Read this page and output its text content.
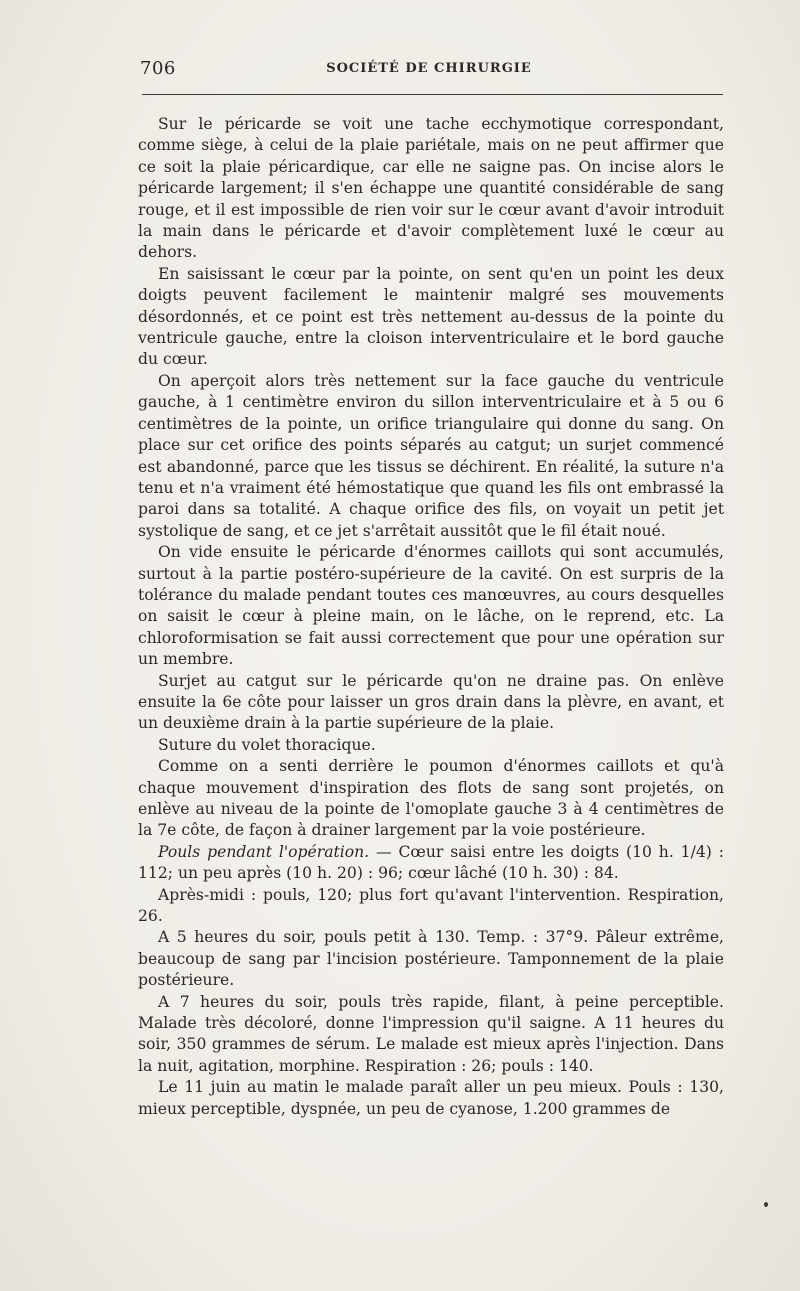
706	SOCIÉTÉ DE CHIRURGIE

Sur le péricarde se voit une tache ecchymotique correspondant, comme siège, à celui de la plaie pariétale, mais on ne peut affirmer que ce soit la plaie péricardique, car elle ne saigne pas. On incise alors le péricarde largement; il s'en échappe une quantité considérable de sang rouge, et il est impossible de rien voir sur le cœur avant d'avoir introduit la main dans le péricarde et d'avoir complètement luxé le cœur au dehors.

En saisissant le cœur par la pointe, on sent qu'en un point les deux doigts peuvent facilement le maintenir malgré ses mouvements désordonnés, et ce point est très nettement au-dessus de la pointe du ventricule gauche, entre la cloison interventriculaire et le bord gauche du cœur.

On aperçoit alors très nettement sur la face gauche du ventricule gauche, à 1 centimètre environ du sillon interventriculaire et à 5 ou 6 centimètres de la pointe, un orifice triangulaire qui donne du sang. On place sur cet orifice des points séparés au catgut; un surjet commencé est abandonné, parce que les tissus se déchirent. En réalité, la suture n'a tenu et n'a vraiment été hémostatique que quand les fils ont embrassé la paroi dans sa totalité. A chaque orifice des fils, on voyait un petit jet systolique de sang, et ce jet s'arrêtait aussitôt que le fil était noué.

On vide ensuite le péricarde d'énormes caillots qui sont accumulés, surtout à la partie postéro-supérieure de la cavité. On est surpris de la tolérance du malade pendant toutes ces manœuvres, au cours desquelles on saisit le cœur à pleine main, on le lâche, on le reprend, etc. La chloroformisation se fait aussi correctement que pour une opération sur un membre.

Surjet au catgut sur le péricarde qu'on ne draine pas. On enlève ensuite la 6e côte pour laisser un gros drain dans la plèvre, en avant, et un deuxième drain à la partie supérieure de la plaie.

Suture du volet thoracique.

Comme on a senti derrière le poumon d'énormes caillots et qu'à chaque mouvement d'inspiration des flots de sang sont projetés, on enlève au niveau de la pointe de l'omoplate gauche 3 à 4 centimètres de la 7e côte, de façon à drainer largement par la voie postérieure.

Pouls pendant l'opération. — Cœur saisi entre les doigts (10 h. 1/4) : 112; un peu après (10 h. 20) : 96; cœur lâché (10 h. 30) : 84.

Après-midi : pouls, 120; plus fort qu'avant l'intervention. Respiration, 26.

A 5 heures du soir, pouls petit à 130. Temp. : 37°9. Pâleur extrême, beaucoup de sang par l'incision postérieure. Tamponnement de la plaie postérieure.

A 7 heures du soir, pouls très rapide, filant, à peine perceptible. Malade très décoloré, donne l'impression qu'il saigne. A 11 heures du soir, 350 grammes de sérum. Le malade est mieux après l'injection. Dans la nuit, agitation, morphine. Respiration : 26; pouls : 140.

Le 11 juin au matin le malade paraît aller un peu mieux. Pouls : 130, mieux perceptible, dyspnée, un peu de cyanose, 1.200 grammes de
